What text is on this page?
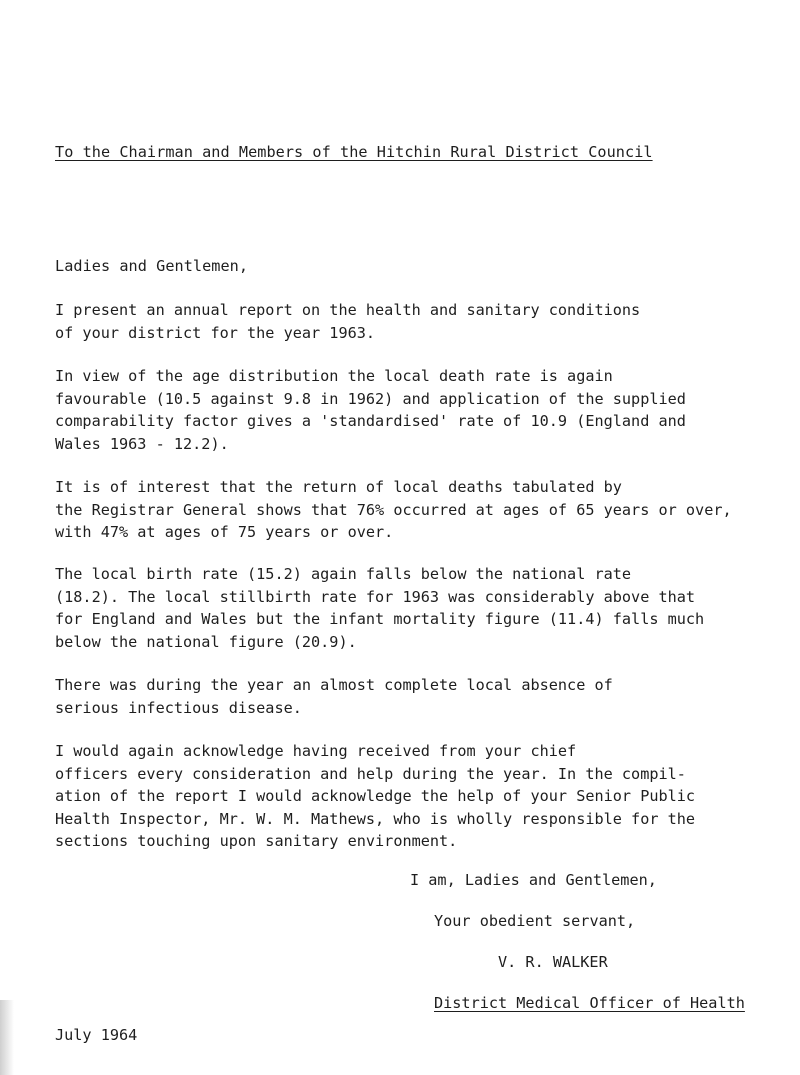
To the Chairman and Members of the Hitchin Rural District Council
Ladies and Gentlemen,
I present an annual report on the health and sanitary conditions
of your district for the year 1963.
In view of the age distribution the local death rate is again
favourable (10.5 against 9.8 in 1962) and application of the supplied
comparability factor gives a 'standardised' rate of 10.9 (England and
Wales 1963 - 12.2).
It is of interest that the return of local deaths tabulated by
the Registrar General shows that 76% occurred at ages of 65 years or over,
with 47% at ages of 75 years or over.
The local birth rate (15.2) again falls below the national rate
(18.2). The local stillbirth rate for 1963 was considerably above that
for England and Wales but the infant mortality figure (11.4) falls much
below the national figure (20.9).
There was during the year an almost complete local absence of
serious infectious disease.
I would again acknowledge having received from your chief
officers every consideration and help during the year. In the compil-
ation of the report I would acknowledge the help of your Senior Public
Health Inspector, Mr. W. M. Mathews, who is wholly responsible for the
sections touching upon sanitary environment.
I am, Ladies and Gentlemen,
Your obedient servant,
V. R. WALKER
District Medical Officer of Health
July 1964
